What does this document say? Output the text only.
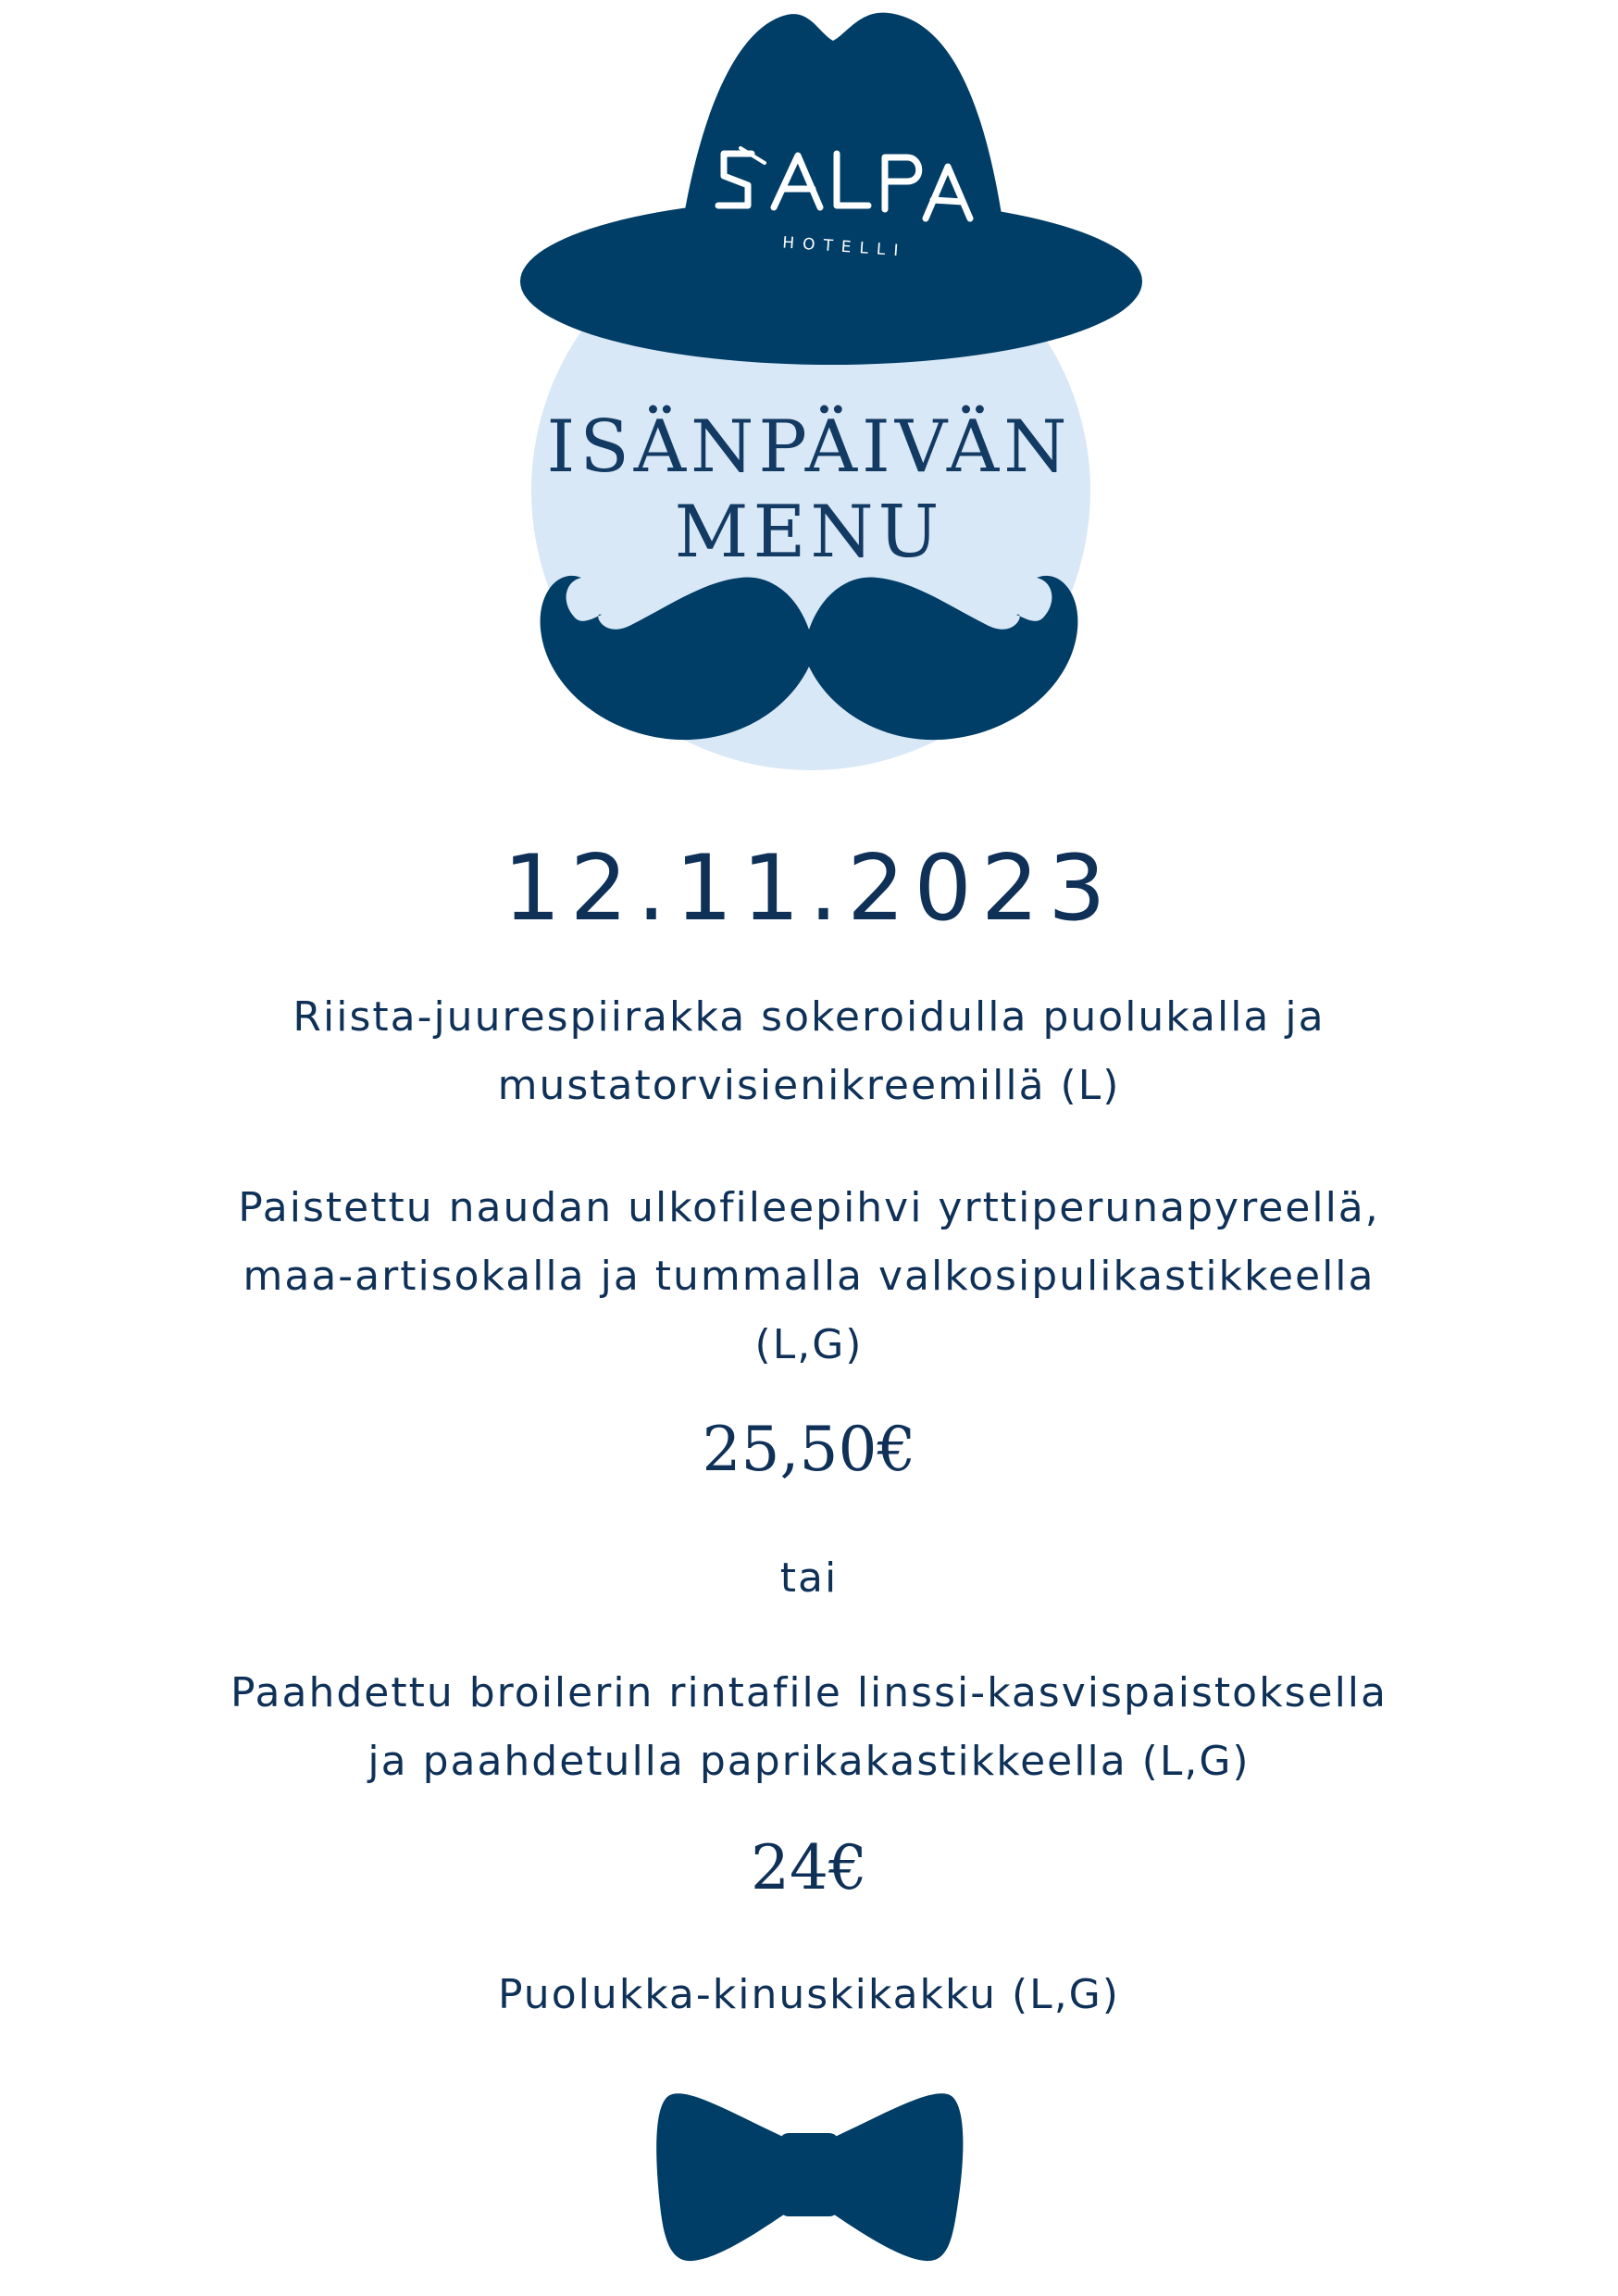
HOTELLI
ISÄNPÄIVÄN
MENU
12.11.2023
Riista-juurespiirakka sokeroidulla puolukalla ja
mustatorvisienikreemillä (L)
Paistettu naudan ulkofileepihvi yrttiperunapyreellä,
maa-artisokalla ja tummalla valkosipulikastikkeella
(L,G)
25,50€
tai
Paahdettu broilerin rintafile linssi-kasvispaistoksella
ja paahdetulla paprikakastikkeella (L,G)
24€
Puolukka-kinuskikakku (L,G)
